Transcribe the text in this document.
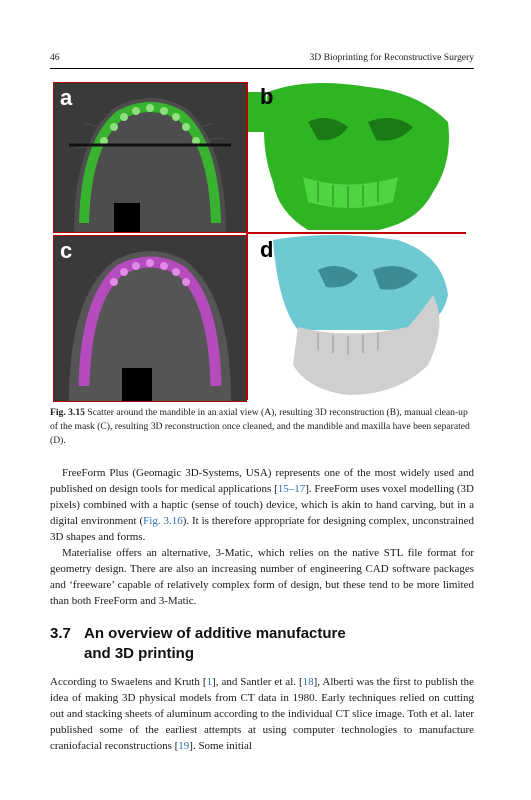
46	3D Bioprinting for Reconstructive Surgery
a	b
c	d
Fig. 3.15 Scatter around the mandible in an axial view (A), resulting 3D reconstruction (B), manual clean-up of the mask (C), resulting 3D reconstruction once cleaned, and the mandible and maxilla have been separated (D).

FreeForm Plus (Geomagic 3D-Systems, USA) represents one of the most widely used and published on design tools for medical applications [15–17]. FreeForm uses voxel modelling (3D pixels) combined with a haptic (sense of touch) device, which is akin to hand carving, but in a digital environment (Fig. 3.16). It is therefore appropriate for designing complex, unconstrained 3D shapes and forms.

Materialise offers an alternative, 3-Matic, which relies on the native STL file format for geometry design. There are also an increasing number of engineering CAD software packages and ‘freeware’ capable of relatively complex form of design, but these tend to be more limited than both FreeForm and 3-Matic.

3.7 An overview of additive manufacture
and 3D printing

According to Swaelens and Kruth [1], and Santler et al. [18], Alberti was the first to publish the idea of making 3D physical models from CT data in 1980. Early techniques relied on cutting out and stacking sheets of aluminum according to the individual CT slice image. Toth et al. later published some of the earliest attempts at using computer technologies to manufacture craniofacial reconstructions [19]. Some initial
